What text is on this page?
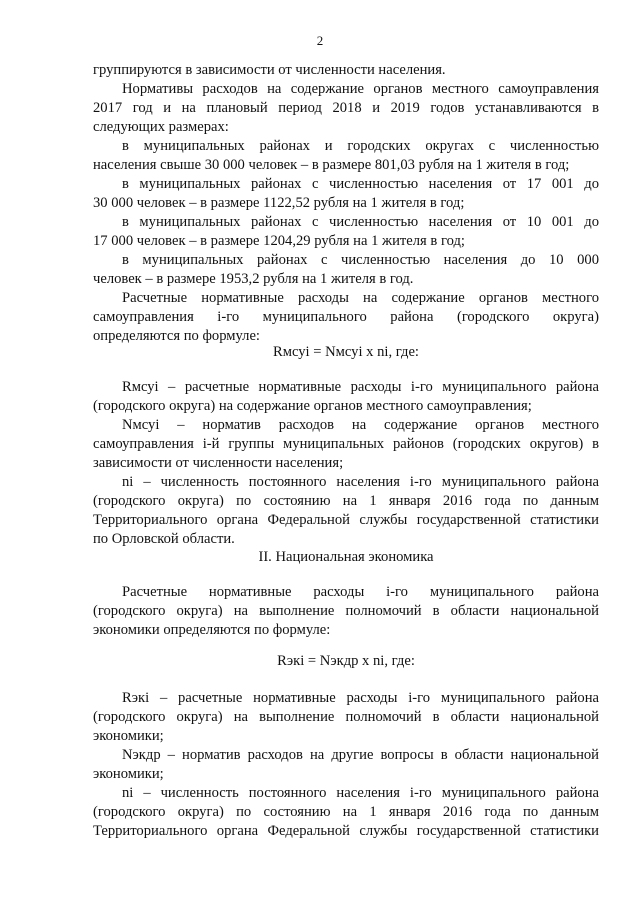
2
группируются в зависимости от численности населения.
Нормативы расходов на содержание органов местного самоуправления
2017 год и на плановый период 2018 и 2019 годов устанавливаются в
следующих размерах:
в муниципальных районах и городских округах с численностью
населения свыше 30 000 человек – в размере 801,03 рубля на 1 жителя в год;
в муниципальных районах с численностью населения от 17 001 до
30 000 человек – в размере 1122,52 рубля на 1 жителя в год;
в муниципальных районах с численностью населения от 10 001 до
17 000 человек – в размере 1204,29 рубля на 1 жителя в год;
в муниципальных районах с численностью населения до 10 000
человек – в размере 1953,2 рубля на 1 жителя в год.
Расчетные нормативные расходы на содержание органов местного
самоуправления i-го муниципального района (городского округа)
определяются по формуле:
Rмсуi = Nмсуi х ni, где:
Rмсуi – расчетные нормативные расходы i-го муниципального района
(городского округа) на содержание органов местного самоуправления;
Nмсуi – норматив расходов на содержание органов местного
самоуправления i-й группы муниципальных районов (городских округов) в
зависимости от численности населения;
ni – численность постоянного населения i-го муниципального района
(городского округа) по состоянию на 1 января 2016 года по данным
Территориального органа Федеральной службы государственной статистики
по Орловской области.
II. Национальная экономика
Расчетные нормативные расходы i-го муниципального района
(городского округа) на выполнение полномочий в области национальной
экономики определяются по формуле:
Rэкi = Nэкдр х ni, где:
Rэкi – расчетные нормативные расходы i-го муниципального района
(городского округа) на выполнение полномочий в области национальной
экономики;
Nэкдр – норматив расходов на другие вопросы в области национальной
экономики;
ni – численность постоянного населения i-го муниципального района
(городского округа) по состоянию на 1 января 2016 года по данным
Территориального органа Федеральной службы государственной статистики
